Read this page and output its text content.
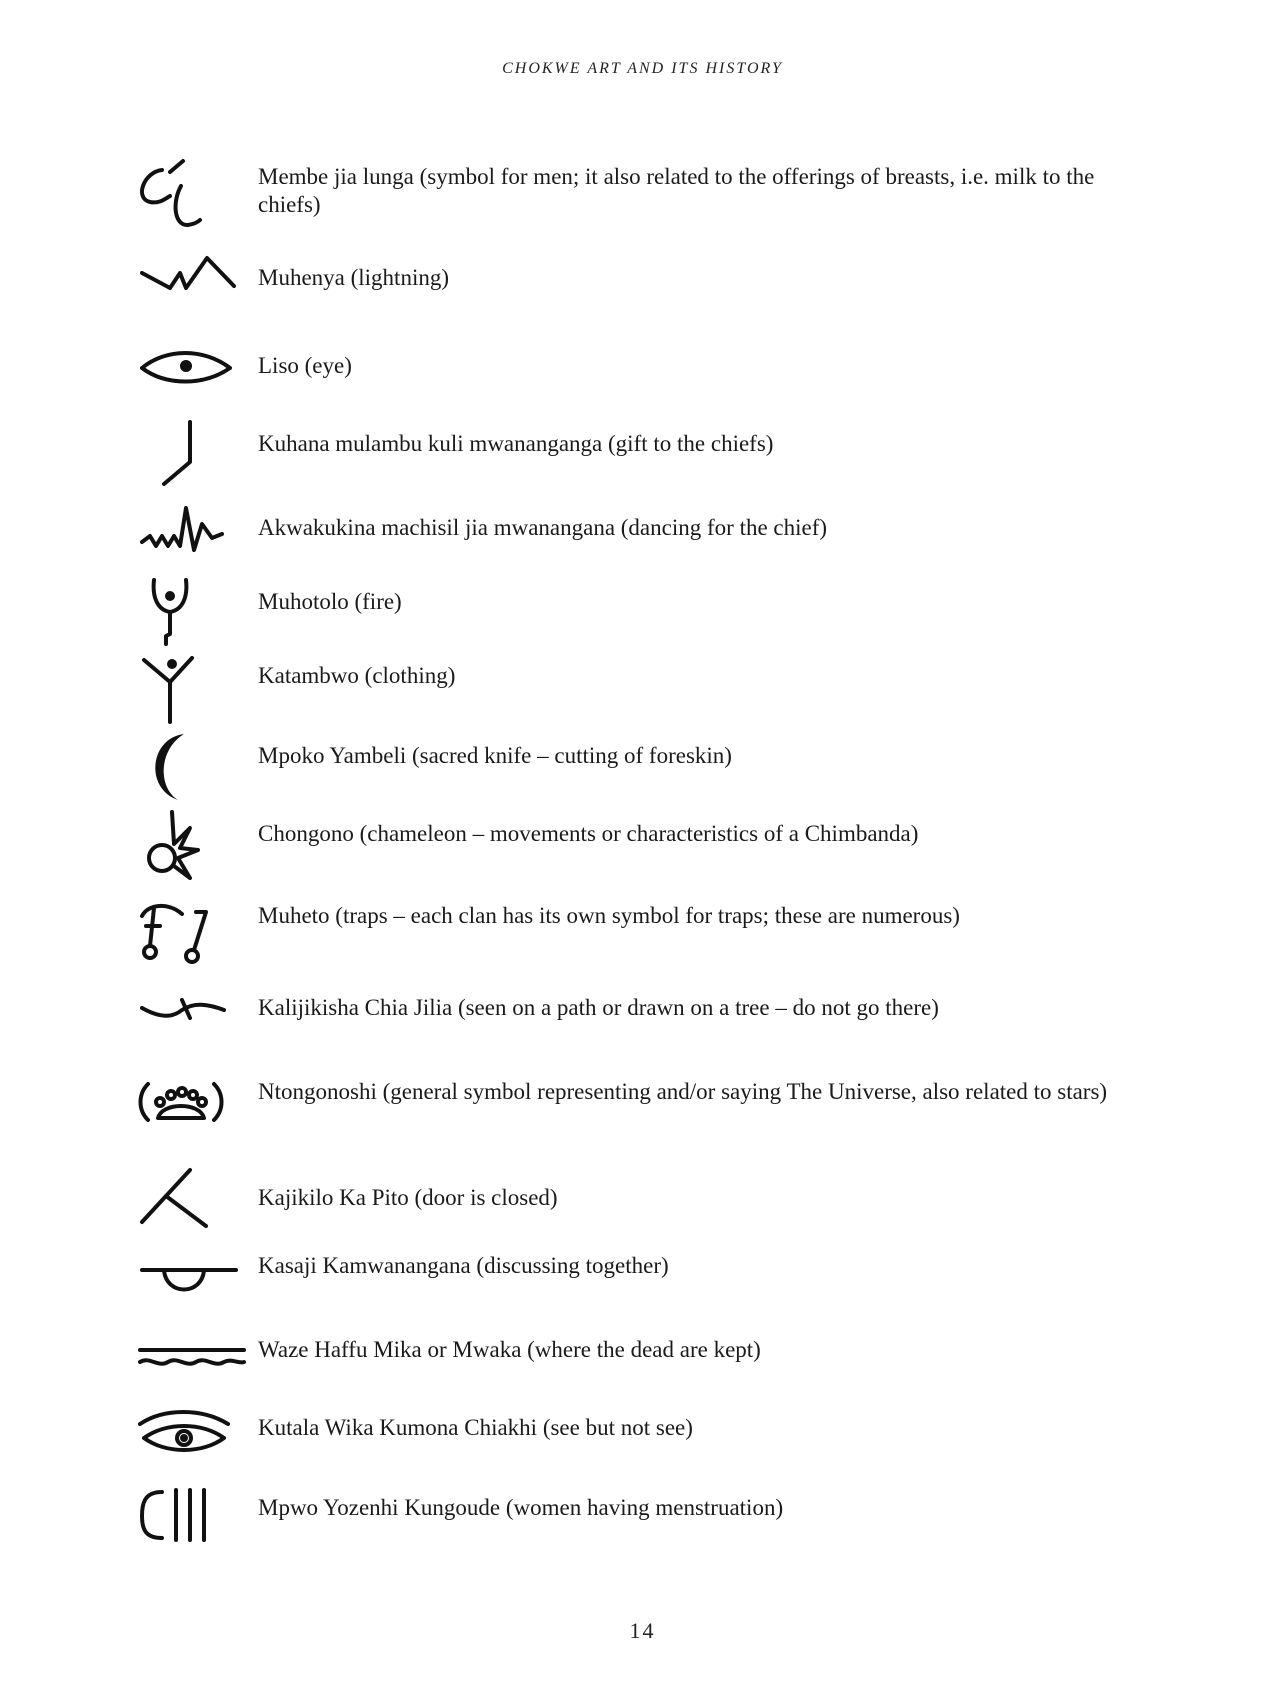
CHOKWE ART AND ITS HISTORY
Membe jia lunga (symbol for men; it also related to the offerings of breasts, i.e. milk to the chiefs)
Muhenya (lightning)
Liso (eye)
Kuhana mulambu kuli mwananganga (gift to the chiefs)
Akwakukina machisil jia mwanangana (dancing for the chief)
Muhotolo (fire)
Katambwo (clothing)
Mpoko Yambeli (sacred knife – cutting of foreskin)
Chongono (chameleon – movements or characteristics of a Chimbanda)
Muheto (traps – each clan has its own symbol for traps; these are numerous)
Kalijikisha Chia Jilia (seen on a path or drawn on a tree – do not go there)
Ntongonoshi (general symbol representing and/or saying The Universe, also related to stars)
Kajikilo Ka Pito (door is closed)
Kasaji Kamwanangana (discussing together)
Waze Haffu Mika or Mwaka (where the dead are kept)
Kutala Wika Kumona Chiakhi (see but not see)
Mpwo Yozenhi Kungoude (women having menstruation)
14
